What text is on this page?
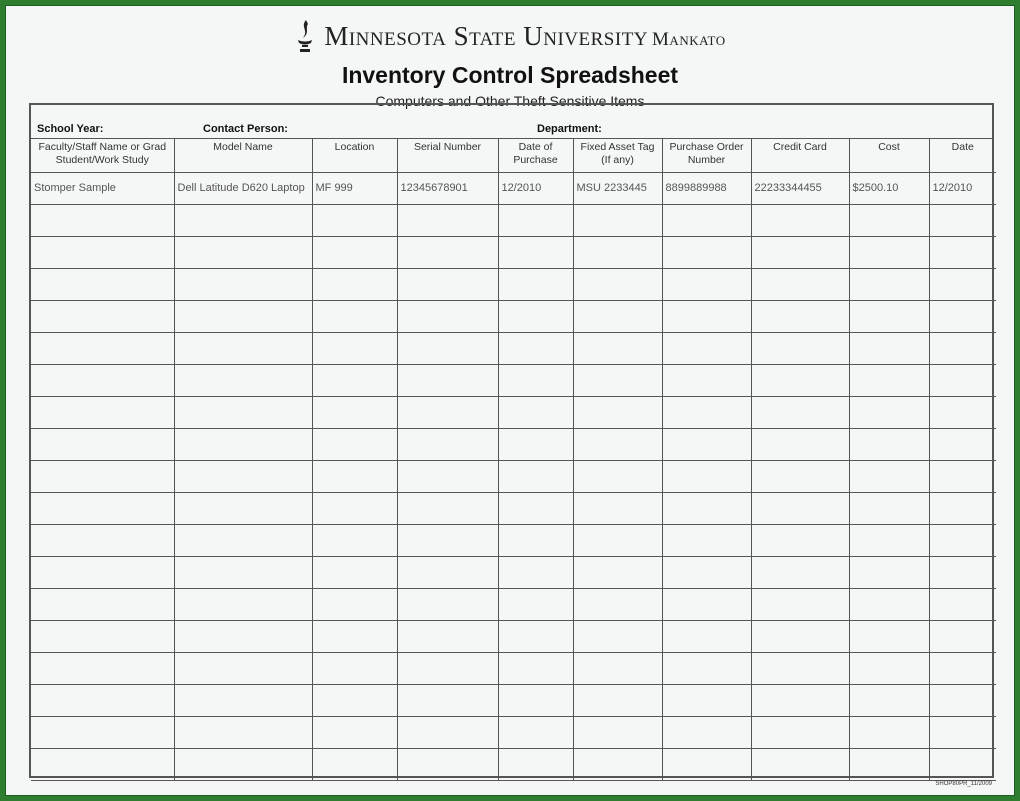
Minnesota State University Mankato
Inventory Control Spreadsheet
Computers and Other Theft Sensitive Items
School Year:	Contact Person:	Department:
Faculty/Staff Name or Grad Student/Work Study	Model Name	Location	Serial Number	Date of Purchase	Fixed Asset Tag (If any)	Purchase Order Number	Credit Card	Cost	Date
Stomper Sample	Dell Latitude D620 Laptop	MF 999	12345678901	12/2010	MSU 2233445	8899889988	22233344455	$2500.10	12/2010

SHOP80PR_11/2009
